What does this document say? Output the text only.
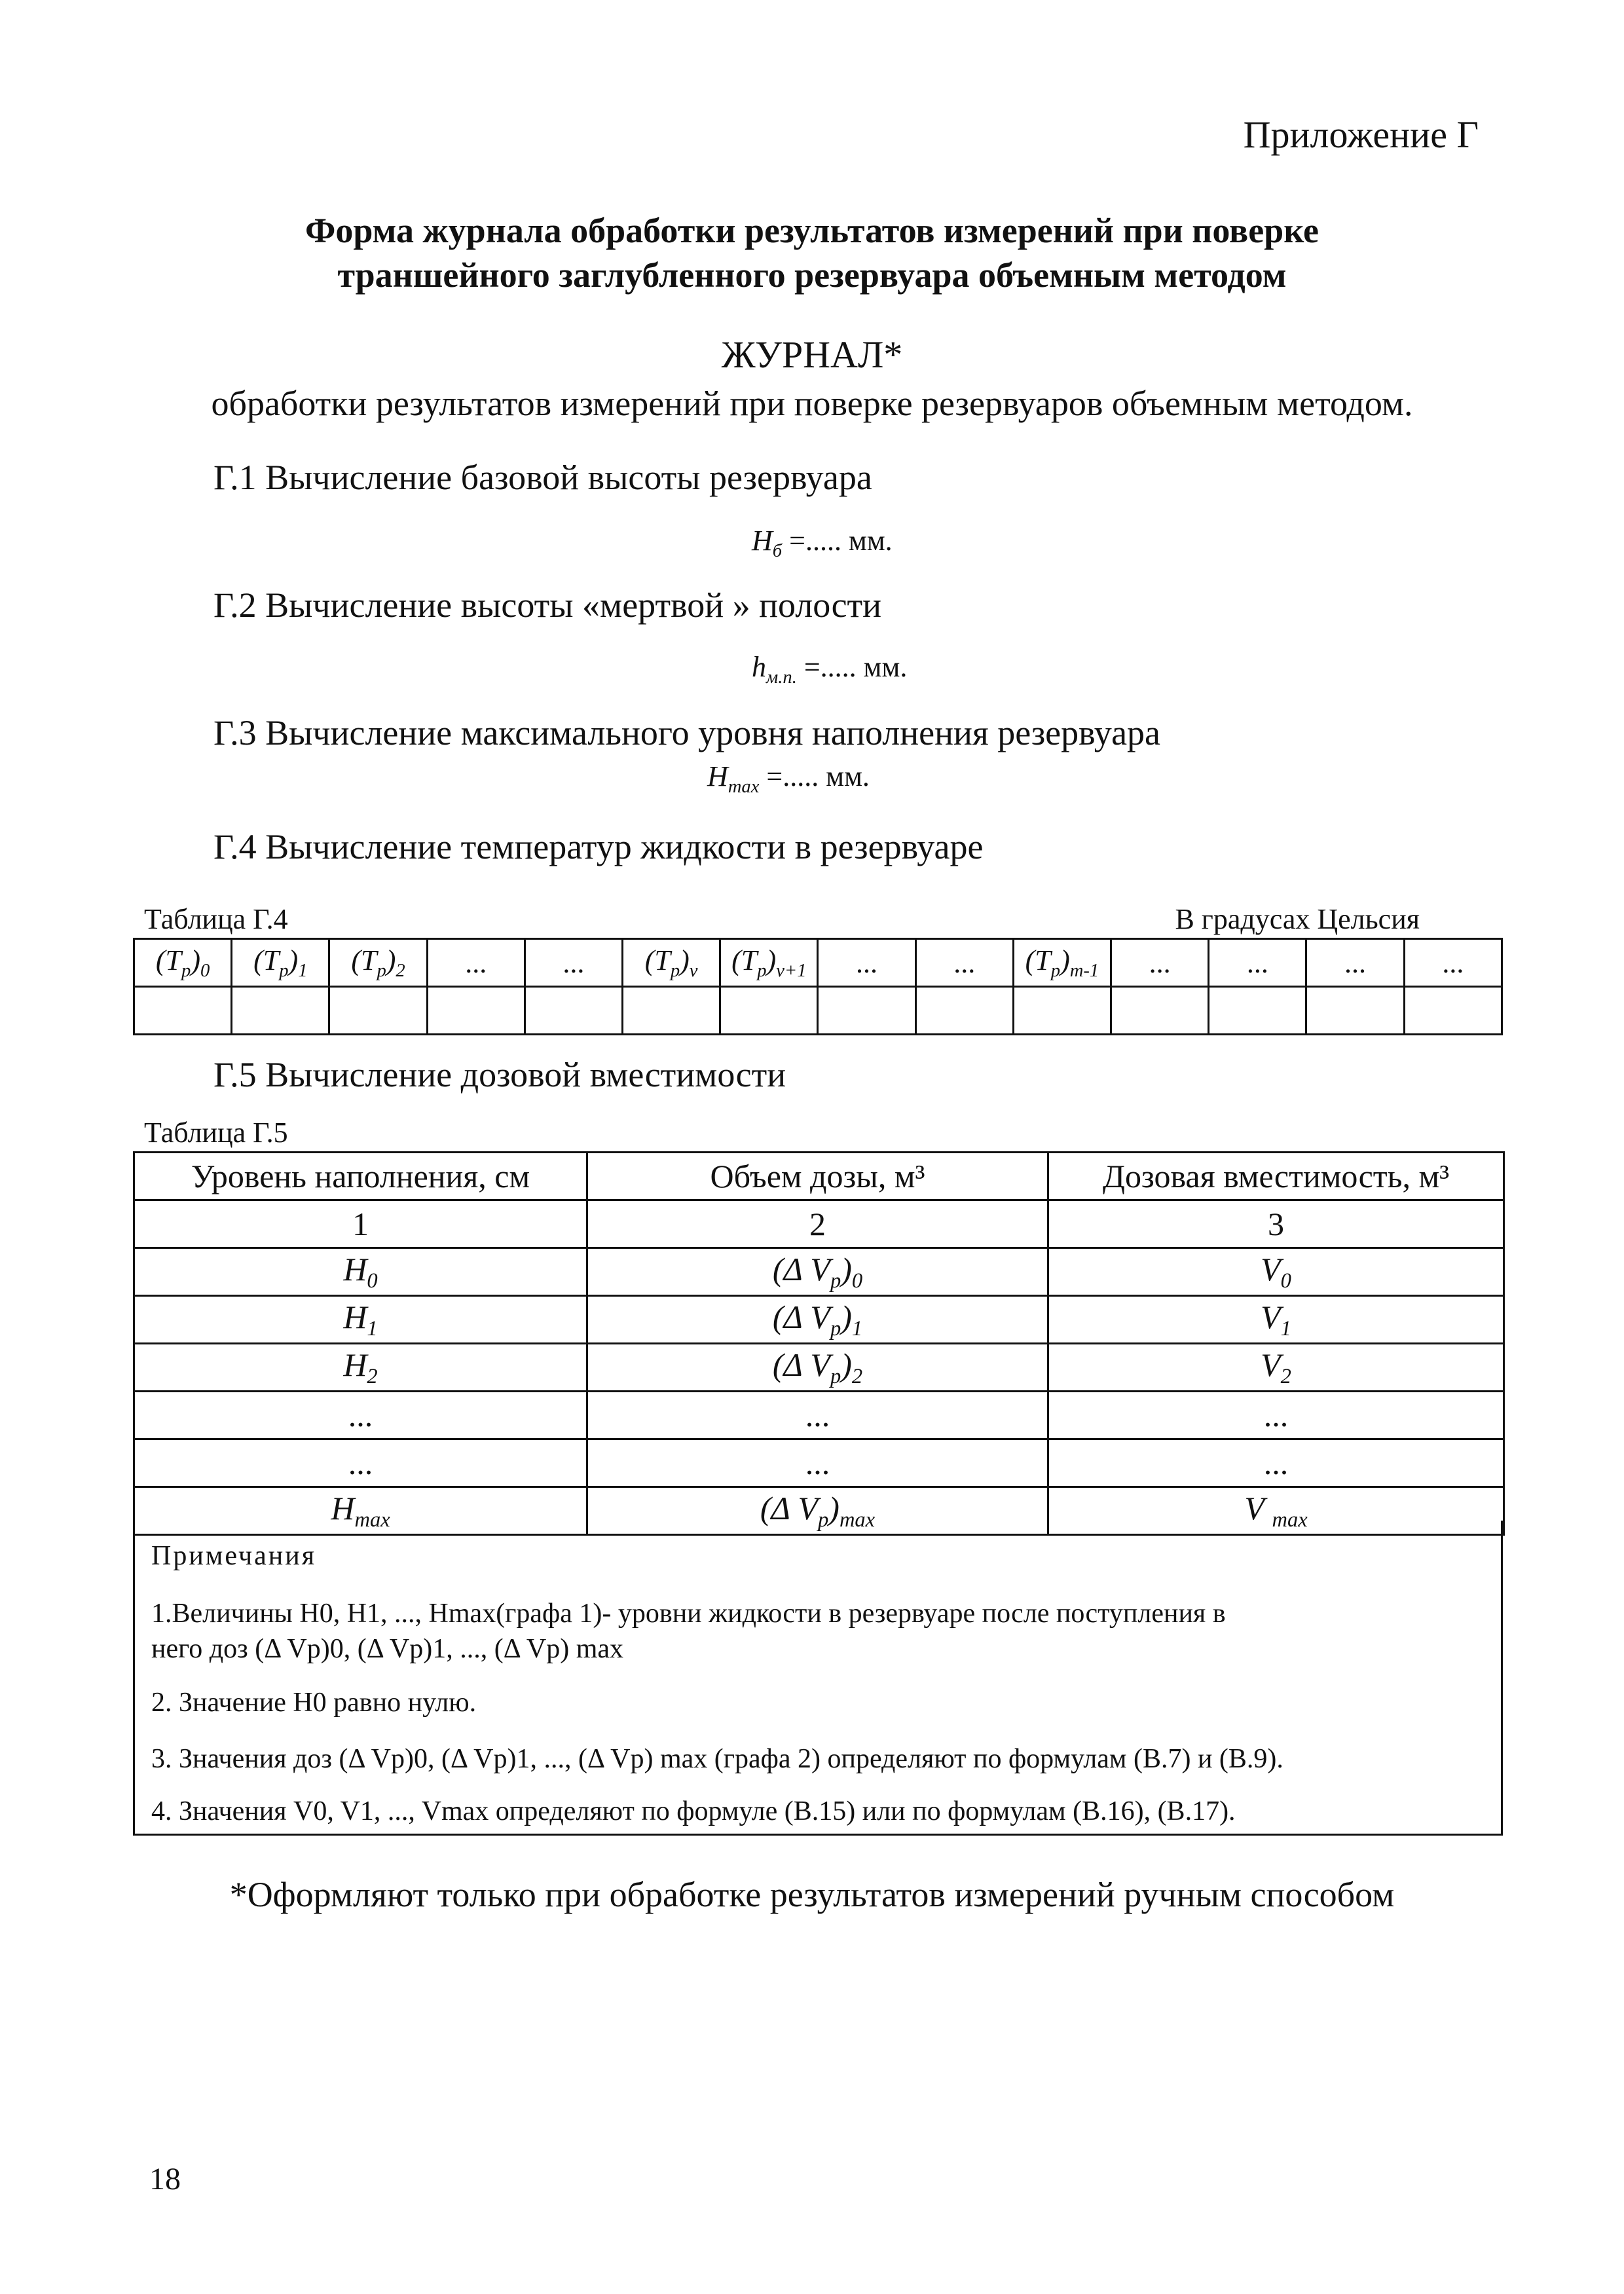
Приложение Г
Форма журнала обработки результатов измерений при поверке
траншейного заглубленного резервуара объемным методом
ЖУРНАЛ*
обработки результатов измерений при поверке резервуаров объемным методом.
Г.1 Вычисление базовой высоты резервуара
$H_б$ =..... мм.
Г.2 Вычисление высоты «мертвой » полости
$h_{м.п.}$ =..... мм.
Г.3 Вычисление максимального уровня наполнения резервуара
$H_{max}$ =..... мм.
Г.4 Вычисление температур жидкости в резервуаре
Таблица Г.4	В градусах Цельсия
$(T_p)_0$	$(T_p)_1$	$(T_p)_2$	...	...	$(T_p)_v$	$(T_p)_{v+1}$	...	...	$(T_p)_{m-1}$	...	...	...	...

Г.5 Вычисление дозовой вместимости
Таблица Г.5
Уровень наполнения, см	Объем дозы, м³	Дозовая вместимость, м³
1	2	3
$H_0$	(Δ $V_p)_0$	$V_0$
$H_1$	(Δ $V_p)_1$	$V_1$
$H_2$	(Δ $V_p)_2$	$V_2$
...	...	...
...	...	...
$H_{max}$	(Δ $V_p)_{max}$	V $_{max}$
Примечания
1.Величины H0, H1, ..., Hmax(графа 1)- уровни жидкости в резервуаре после поступления в
него доз (Δ Vp)0, (Δ Vp)1, ..., (Δ Vp) max
2. Значение H0 равно нулю.
3. Значения доз (Δ Vp)0, (Δ Vp)1, ..., (Δ Vp) max (графа 2) определяют по формулам (В.7) и (В.9).
4. Значения V0, V1, ..., Vmax определяют по формуле (В.15) или по формулам (В.16), (В.17).
*Оформляют только при обработке результатов измерений ручным способом
18
